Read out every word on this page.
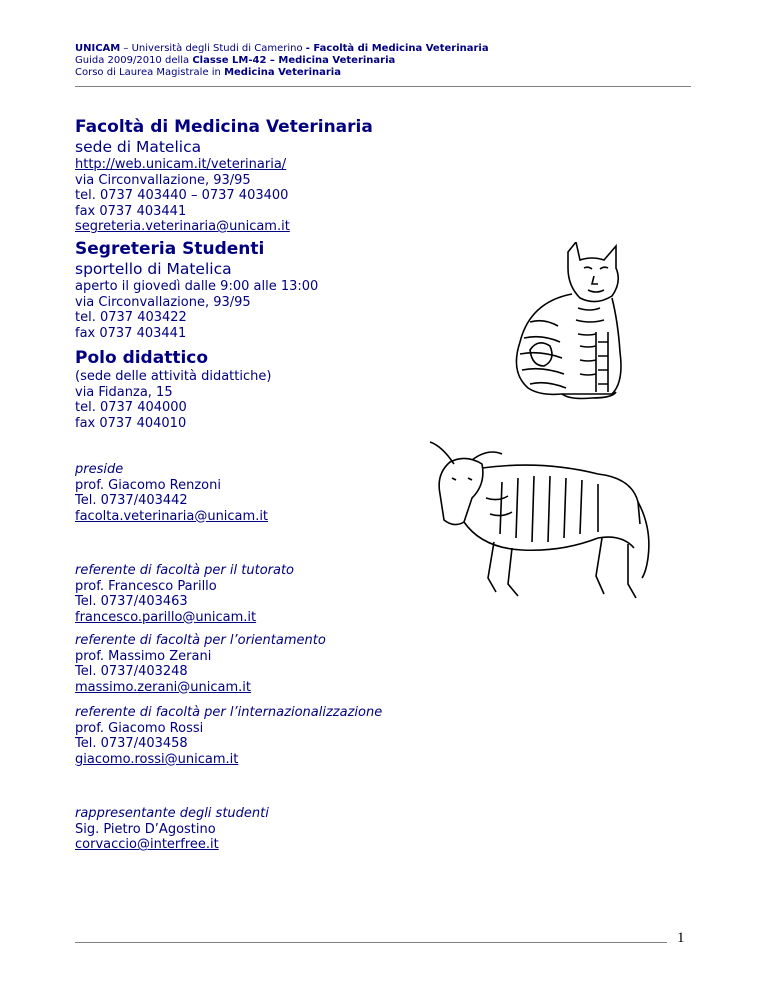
UNICAM – Università degli Studi di Camerino - Facoltà di Medicina Veterinaria
Guida 2009/2010 della Classe LM-42 – Medicina Veterinaria
Corso di Laurea Magistrale in Medicina Veterinaria
Facoltà di Medicina Veterinaria
sede di Matelica
http://web.unicam.it/veterinaria/
via Circonvallazione, 93/95
tel. 0737 403440 – 0737 403400
fax 0737 403441
segreteria.veterinaria@unicam.it
Segreteria Studenti
sportello di Matelica
aperto il giovedì dalle 9:00 alle 13:00
via Circonvallazione, 93/95
tel. 0737 403422
fax 0737 403441
Polo didattico
(sede delle attività didattiche)
via Fidanza, 15
tel. 0737 404000
fax 0737 404010
preside
prof. Giacomo Renzoni
Tel. 0737/403442
facolta.veterinaria@unicam.it
referente di facoltà per il tutorato
prof. Francesco Parillo
Tel. 0737/403463
francesco.parillo@unicam.it
referente di facoltà per l’orientamento
prof. Massimo Zerani
Tel. 0737/403248
massimo.zerani@unicam.it
referente di facoltà per l’internazionalizzazione
prof. Giacomo Rossi
Tel. 0737/403458
giacomo.rossi@unicam.it
rappresentante degli studenti
Sig. Pietro D’Agostino
corvaccio@interfree.it
1
